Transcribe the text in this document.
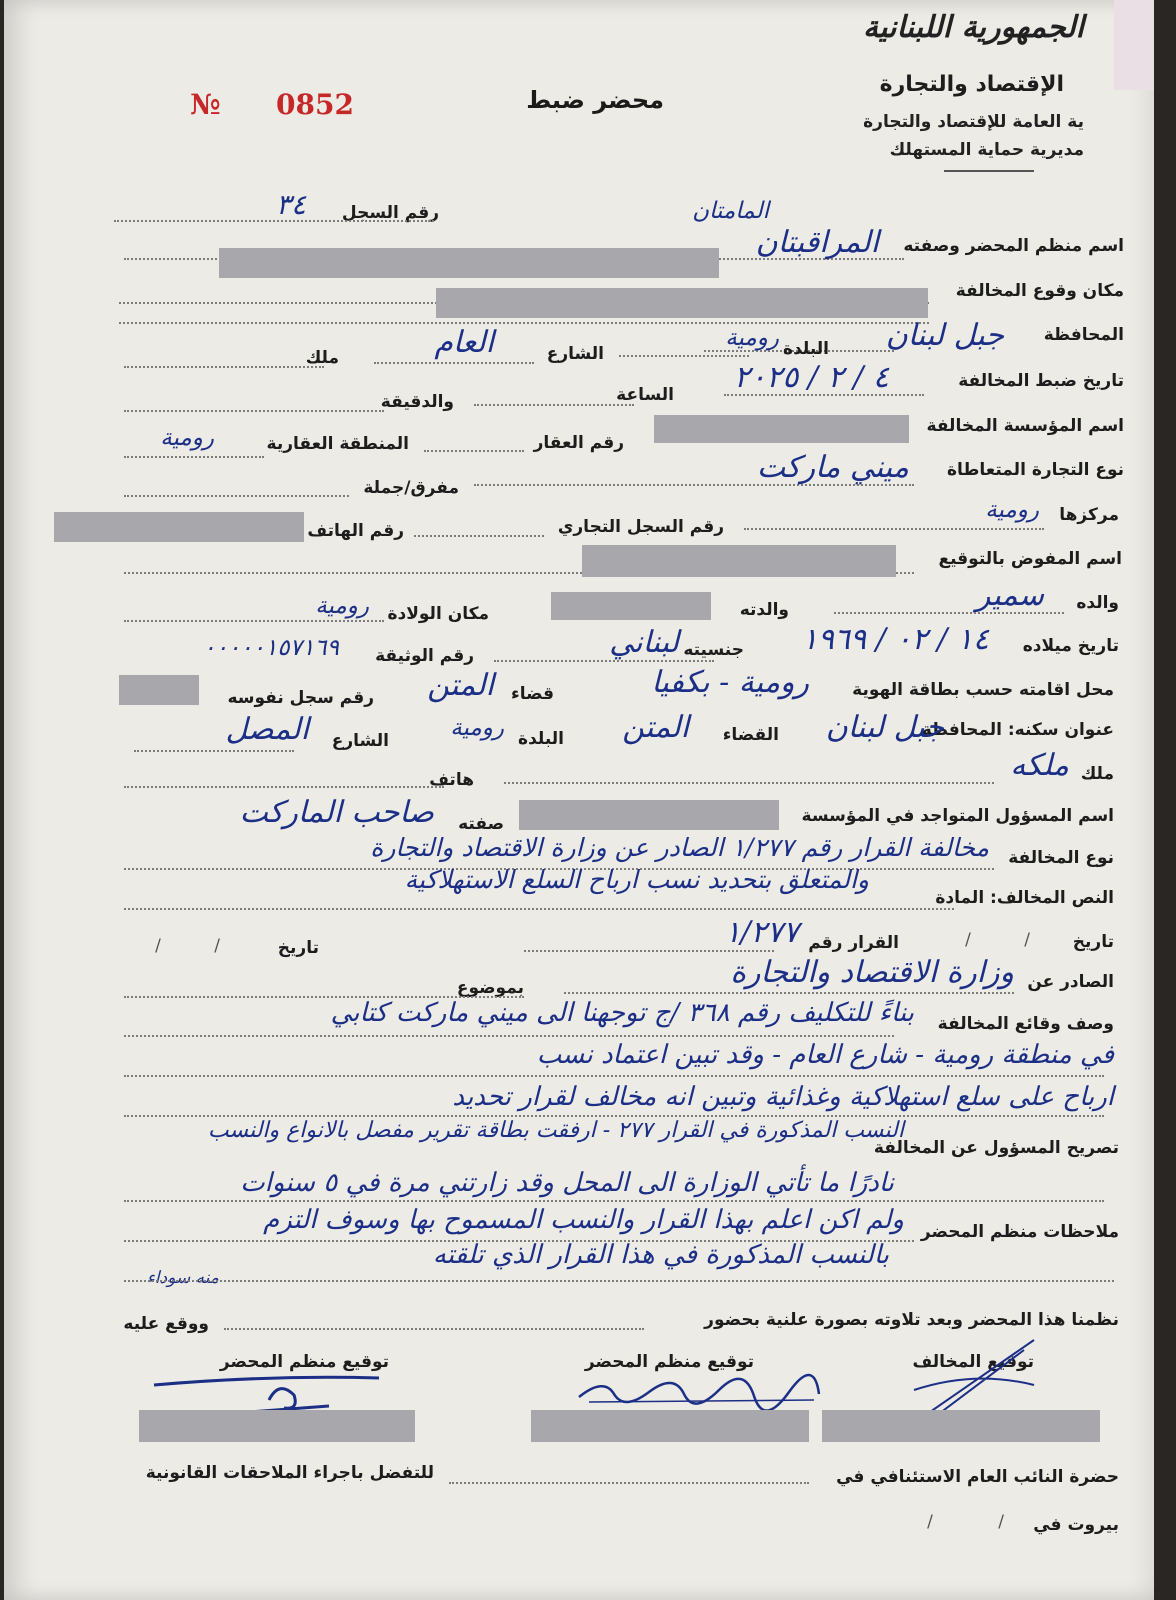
الجمهورية اللبنانية
الإقتصاد والتجارة
ية العامة للإقتصاد والتجارة
مديرية حماية المستهلك
محضر ضبط
№ 0852
رقم السجل
٣٤
اسم منظم المحضر وصفته
المامتان
المراقبتان
مكان وقوع المخالفة
المحافظة
جبل لبنان
البلدة
رومية
الشارع
العام
ملك
تاريخ ضبط المخالفة
٤ / ٢ / ٢٠٢٥
الساعة
والدقيقة
اسم المؤسسة المخالفة
رقم العقار
المنطقة العقارية
رومية
نوع التجارة المتعاطاة
ميني ماركت
مفرق/جملة
مركزها
رومية
رقم السجل التجاري
رقم الهاتف
اسم المفوض بالتوقيع
والده
سمير
والدته
مكان الولادة
رومية
تاريخ ميلاده
١٤ / ٠٢ / ١٩٦٩
جنسيته
لبناني
رقم الوثيقة
٠٠٠٠٠١٥٧١٦٩
محل اقامته حسب بطاقة الهوية
رومية - بكفيا
قضاء
المتن
رقم سجل نفوسه
عنوان سكنه: المحافظة
جبل لبنان
القضاء
المتن
البلدة
رومية
الشارع
المصل
ملك
ملكه
هاتف
اسم المسؤول المتواجد في المؤسسة
صفته
صاحب الماركت
نوع المخالفة
مخالفة القرار رقم ١/٢٧٧ الصادر عن وزارة الاقتصاد والتجارة
والمتعلق بتحديد نسب ارباح السلع الاستهلاكية
النص المخالف: المادة
تاريخ
/ /
القرار رقم
١/٢٧٧
تاريخ
/ /
الصادر عن
وزارة الاقتصاد والتجارة
بموضوع
وصف وقائع المخالفة
بناءً للتكليف رقم ٣٦٨ /ج توجهنا الى ميني ماركت كتابي
في منطقة رومية - شارع العام - وقد تبين اعتماد نسب
ارباح على سلع استهلاكية وغذائية وتبين انه مخالف لقرار تحديد
النسب المذكورة في القرار ٢٧٧ - ارفقت بطاقة تقرير مفصل بالانواع والنسب
تصريح المسؤول عن المخالفة
نادرًا ما تأتي الوزارة الى المحل وقد زارتني مرة في ٥ سنوات
ملاحظات منظم المحضر
ولم اكن اعلم بهذا القرار والنسب المسموح بها وسوف التزم
بالنسب المذكورة في هذا القرار الذي تلقته
منه سوداء
نظمنا هذا المحضر وبعد تلاوته بصورة علنية بحضور
ووقع عليه
توقيع المخالف
توقيع منظم المحضر
توقيع منظم المحضر
حضرة النائب العام الاستئنافي في
للتفضل باجراء الملاحقات القانونية
بيروت في
/ /
